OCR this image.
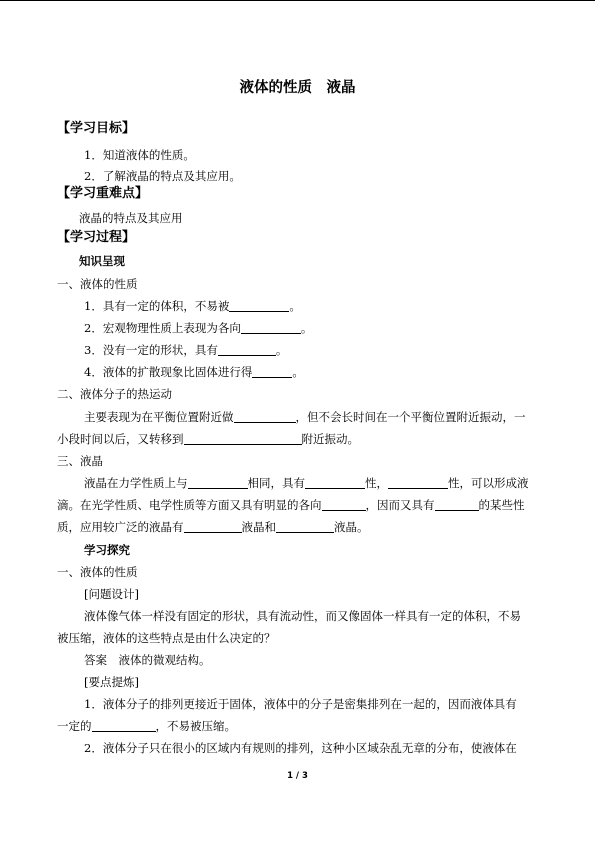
液体的性质　液晶
【学习目标】
1．知道液体的性质。
2．了解液晶的特点及其应用。
【学习重难点】
液晶的特点及其应用
【学习过程】
知识呈现
一、液体的性质
1．具有一定的体积，不易被	。
2．宏观物理性质上表现为各向	。
3．没有一定的形状，具有	。
4．液体的扩散现象比固体进行得	。
二、液体分子的热运动
主要表现为在平衡位置附近做	，但不会长时间在一个平衡位置附近振动，一
小段时间以后，又转移到	附近振动。
三、液晶
液晶在力学性质上与	相同，具有	性，	性，可以形成液
滴。在光学性质、电学性质等方面又具有明显的各向	，因而又具有	的某些性
质，应用较广泛的液晶有	液晶和	液晶。
学习探究
一、液体的性质
[问题设计]
液体像气体一样没有固定的形状，具有流动性，而又像固体一样具有一定的体积，不易
被压缩，液体的这些特点是由什么决定的？
答案　液体的微观结构。
[要点提炼]
1．液体分子的排列更接近于固体，液体中的分子是密集排列在一起的，因而液体具有
一定的	，不易被压缩。
2．液体分子只在很小的区域内有规则的排列，这种小区域杂乱无章的分布，使液体在
1 / 3
